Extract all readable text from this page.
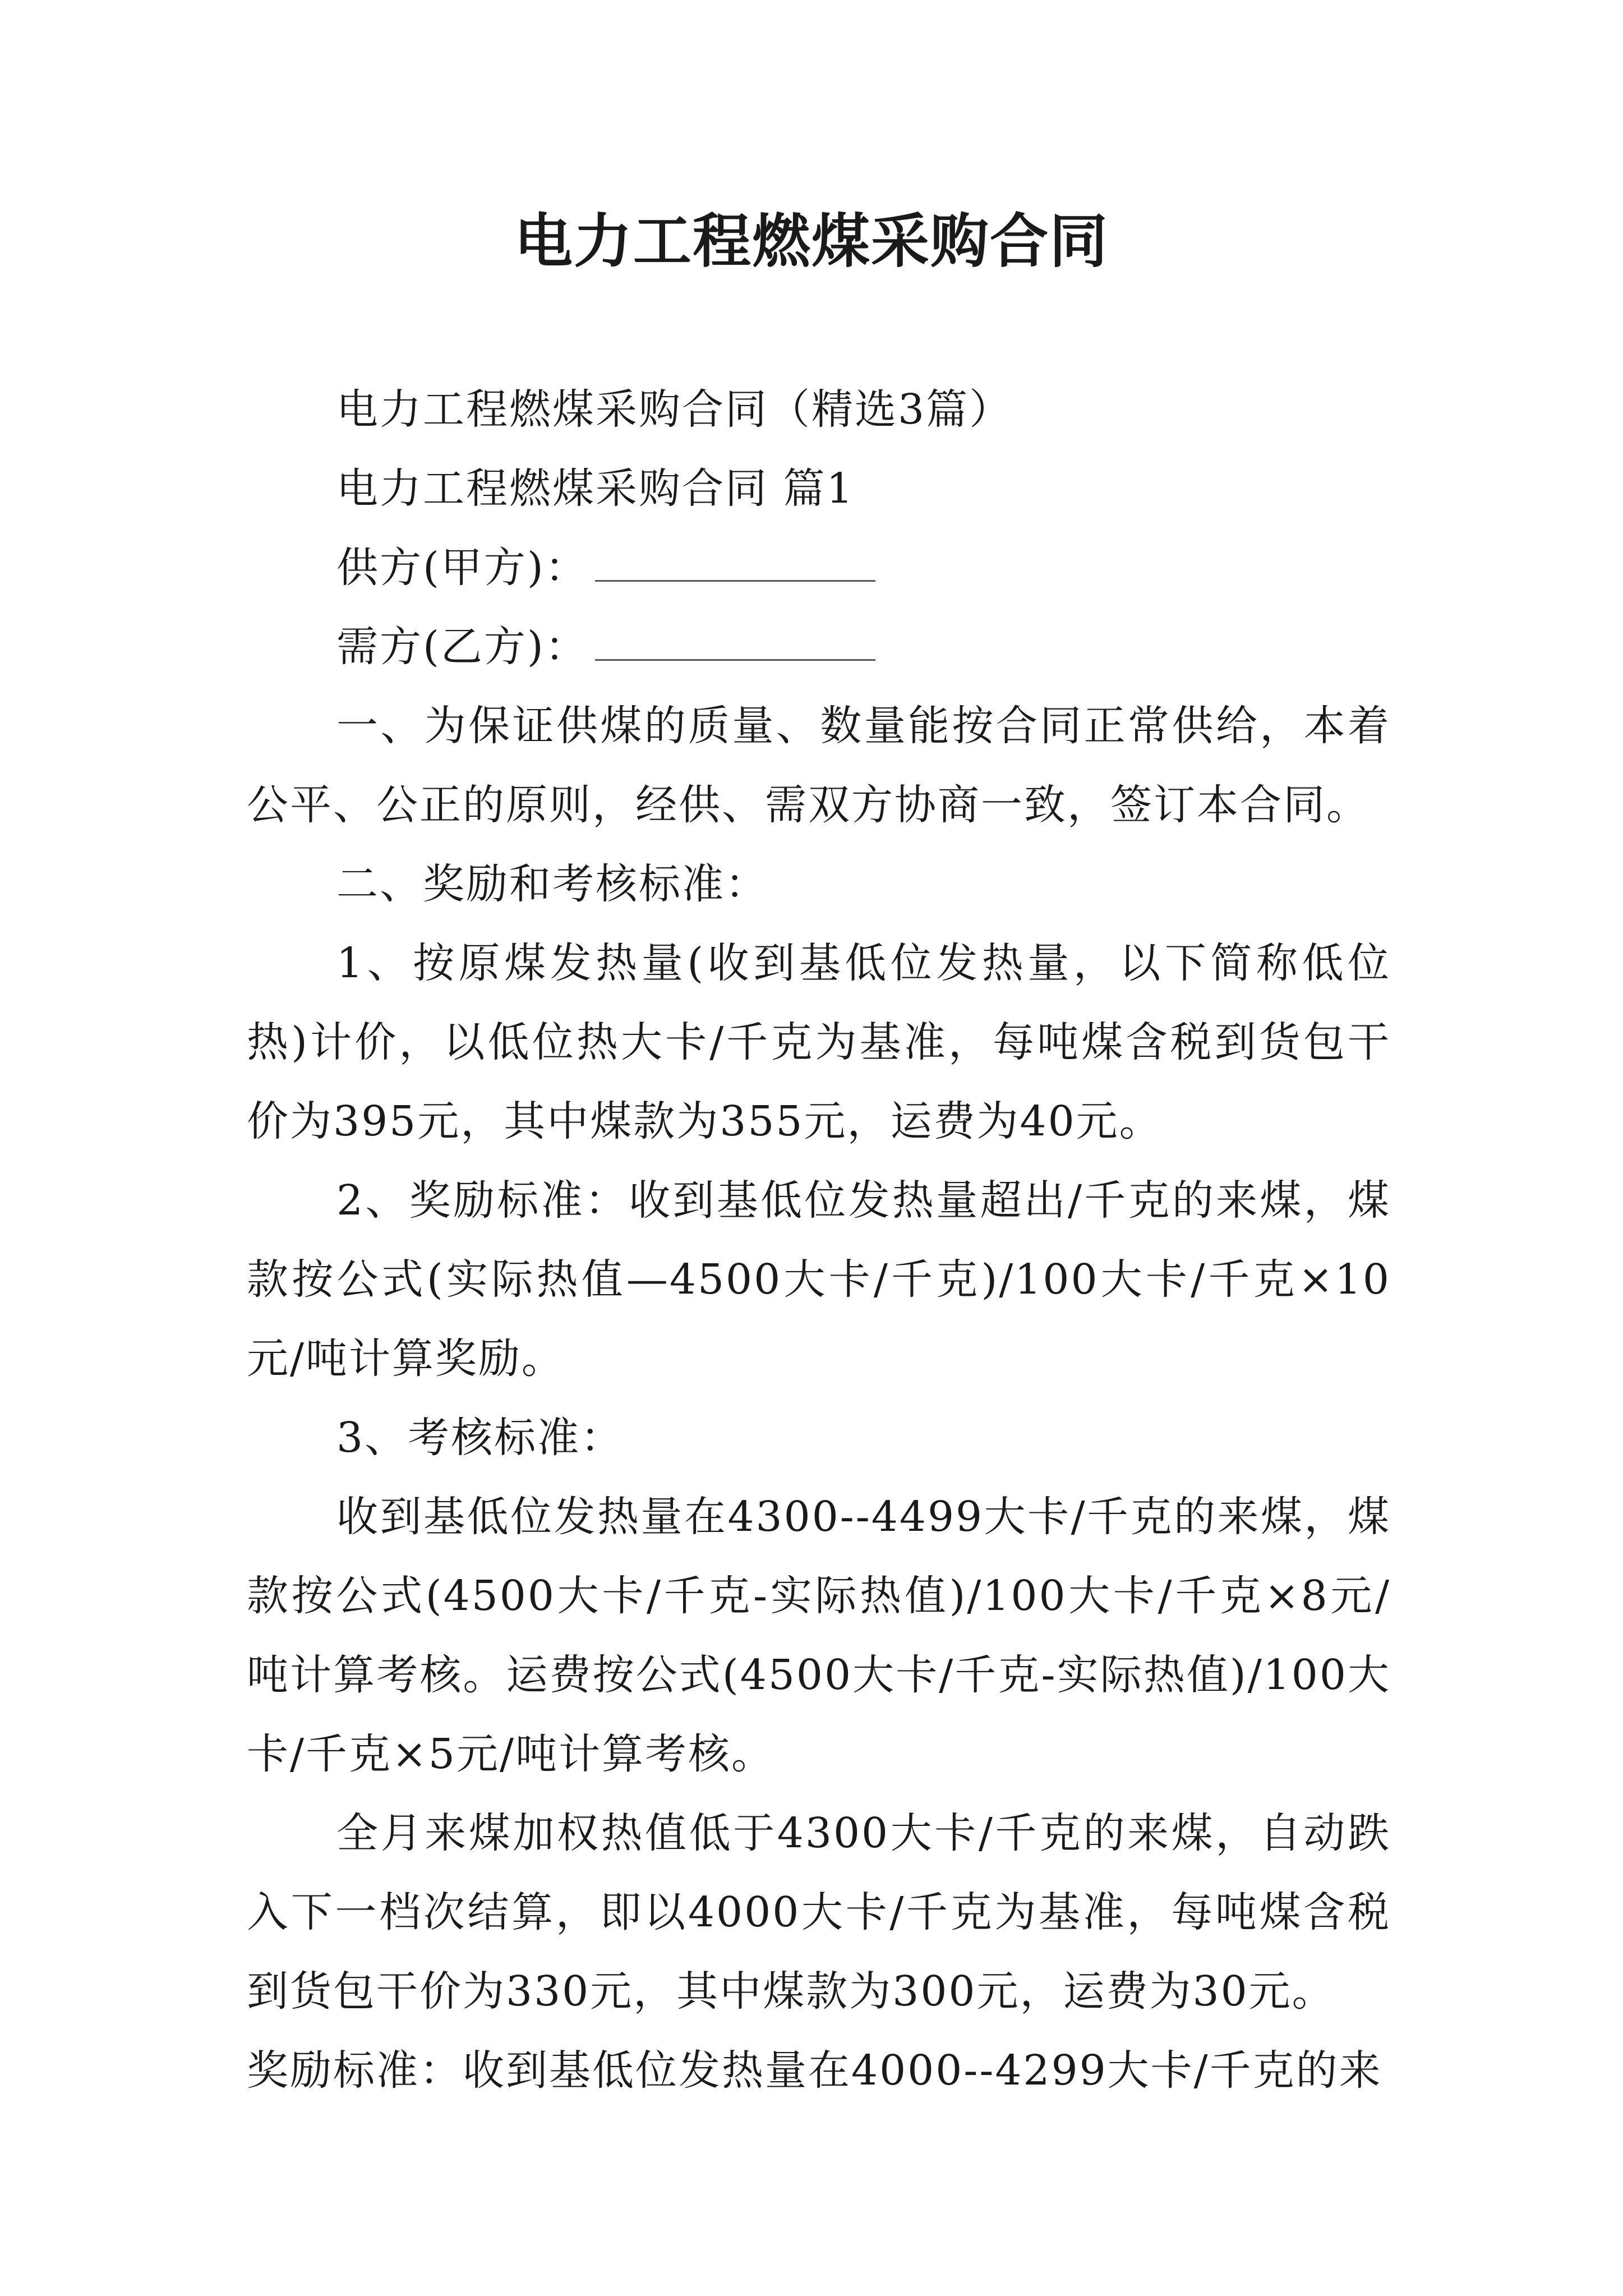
电力工程燃煤采购合同

电力工程燃煤采购合同（精选3篇）

电力工程燃煤采购合同 篇1

供方(甲方)：

需方(乙方)：

一、为保证供煤的质量、数量能按合同正常供给，本着公平、公正的原则，经供、需双方协商一致，签订本合同。

二、奖励和考核标准：

1、按原煤发热量(收到基低位发热量，以下简称低位热)计价，以低位热大卡/千克为基准，每吨煤含税到货包干价为395元，其中煤款为355元，运费为40元。

2、奖励标准：收到基低位发热量超出/千克的来煤，煤款按公式(实际热值—4500大卡/千克)/100大卡/千克×10元/吨计算奖励。

3、考核标准：

收到基低位发热量在4300--4499大卡/千克的来煤，煤款按公式(4500大卡/千克-实际热值)/100大卡/千克×8元/吨计算考核。运费按公式(4500大卡/千克-实际热值)/100大卡/千克×5元/吨计算考核。

全月来煤加权热值低于4300大卡/千克的来煤，自动跌入下一档次结算，即以4000大卡/千克为基准，每吨煤含税到货包干价为330元，其中煤款为300元，运费为30元。

奖励标准：收到基低位发热量在4000--4299大卡/千克的来
